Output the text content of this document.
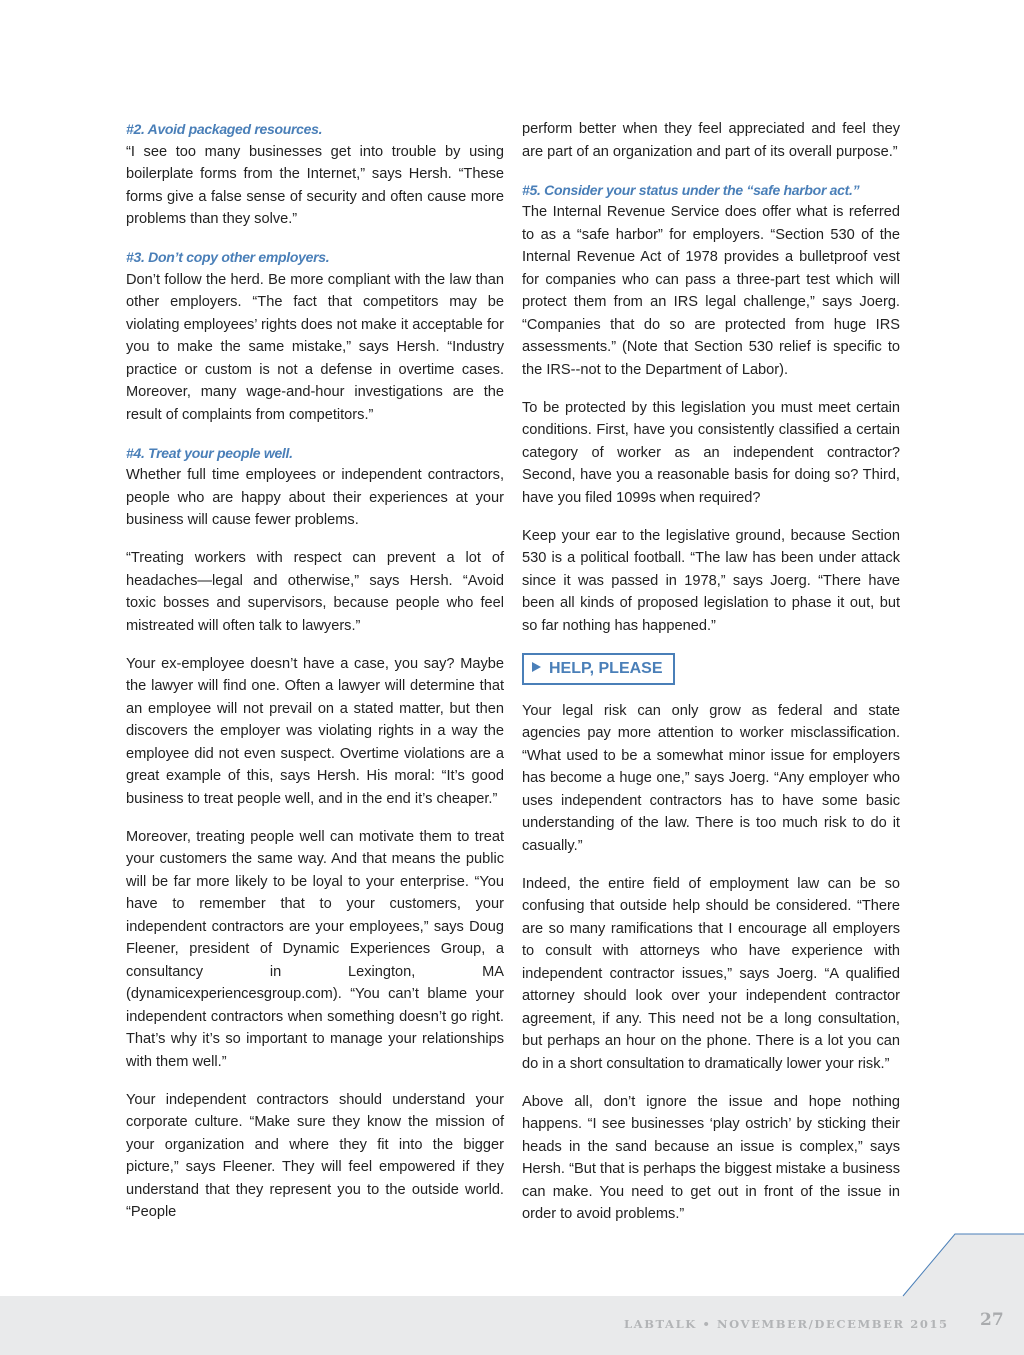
#2. Avoid packaged resources.
“I see too many businesses get into trouble by using boilerplate forms from the Internet,” says Hersh. “These forms give a false sense of security and often cause more problems than they solve.”

#3. Don’t copy other employers.
Don’t follow the herd. Be more compliant with the law than other employers. “The fact that competitors may be violating employees’ rights does not make it acceptable for you to make the same mistake,” says Hersh. “Industry practice or custom is not a defense in overtime cases. Moreover, many wage-and-hour investigations are the result of complaints from competitors.”

#4. Treat your people well.
Whether full time employees or independent contractors, people who are happy about their experiences at your business will cause fewer problems.

“Treating workers with respect can prevent a lot of headaches—legal and otherwise,” says Hersh. “Avoid toxic bosses and supervisors, because people who feel mistreated will often talk to lawyers.”

Your ex-employee doesn’t have a case, you say? Maybe the lawyer will find one. Often a lawyer will determine that an employee will not prevail on a stated matter, but then discovers the employer was violating rights in a way the employee did not even suspect. Overtime violations are a great example of this, says Hersh. His moral: “It’s good business to treat people well, and in the end it’s cheaper.”

Moreover, treating people well can motivate them to treat your customers the same way. And that means the public will be far more likely to be loyal to your enterprise. “You have to remember that to your customers, your independent contractors are your employees,” says Doug Fleener, president of Dynamic Experiences Group, a consultancy in Lexington, MA (dynamicexperiencesgroup.com). “You can’t blame your independent contractors when something doesn’t go right. That’s why it’s so important to manage your relationships with them well.”

Your independent contractors should understand your corporate culture. “Make sure they know the mission of your organization and where they fit into the bigger picture,” says Fleener. They will feel empowered if they understand that they represent you to the outside world. “People

perform better when they feel appreciated and feel they are part of an organization and part of its overall purpose.”

#5. Consider your status under the “safe harbor act.”
The Internal Revenue Service does offer what is referred to as a “safe harbor” for employers. “Section 530 of the Internal Revenue Act of 1978 provides a bulletproof vest for companies who can pass a three-part test which will protect them from an IRS legal challenge,” says Joerg. “Companies that do so are protected from huge IRS assessments.” (Note that Section 530 relief is specific to the IRS--not to the Department of Labor).

To be protected by this legislation you must meet certain conditions. First, have you consistently classified a certain category of worker as an independent contractor? Second, have you a reasonable basis for doing so? Third, have you filed 1099s when required?

Keep your ear to the legislative ground, because Section 530 is a political football. “The law has been under attack since it was passed in 1978,” says Joerg. “There have been all kinds of proposed legislation to phase it out, but so far nothing has happened.”

HELP, PLEASE

Your legal risk can only grow as federal and state agencies pay more attention to worker misclassification. “What used to be a somewhat minor issue for employers has become a huge one,” says Joerg. “Any employer who uses independent contractors has to have some basic understanding of the law. There is too much risk to do it casually.”

Indeed, the entire field of employment law can be so confusing that outside help should be considered. “There are so many ramifications that I encourage all employers to consult with attorneys who have experience with independent contractor issues,” says Joerg. “A qualified attorney should look over your independent contractor agreement, if any. This need not be a long consultation, but perhaps an hour on the phone. There is a lot you can do in a short consultation to dramatically lower your risk.”

Above all, don’t ignore the issue and hope nothing happens. “I see businesses ‘play ostrich’ by sticking their heads in the sand because an issue is complex,” says Hersh. “But that is perhaps the biggest mistake a business can make. You need to get out in front of the issue in order to avoid problems.”

LABTALK • NOVEMBER/DECEMBER 2015 27
